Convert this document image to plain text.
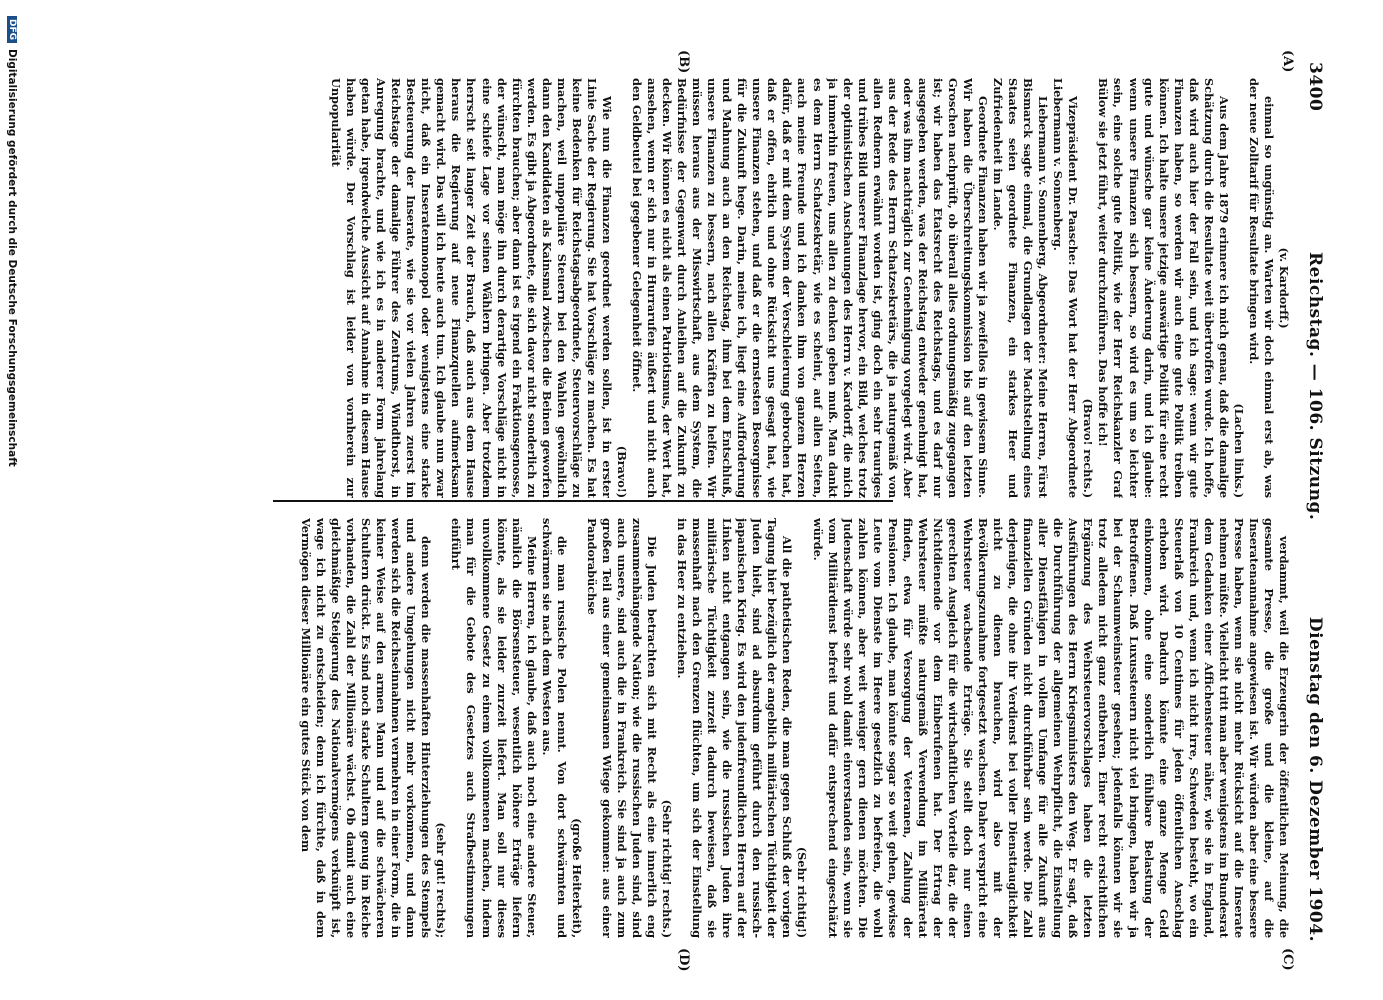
3400
Reichstag. — 106. Sitzung.
Dienstag den 6. Dezember 1904.
(A)
(B)
(C)
(D)

(v. Kardorff.)

einmal so ungünstig an. Warten wir doch einmal erst ab, was der neue Zolltarif für Resultate bringen wird.

(Lachen links.)

Aus dem Jahre 1879 erinnere ich mich genau, daß die damalige Schätzung durch die Resultate weit übertroffen wurde. Ich hoffe, daß wird auch hier der Fall sein, und ich sage: wenn wir gute Finanzen haben, so werden wir auch eine gute Politik treiben können. Ich halte unsere jetzige auswärtige Politik für eine recht gute und wünsche gar keine Änderung darin, und ich glaube: wenn unsere Finanzen sich bessern, so wird es um so leichter sein, eine solche gute Politik, wie der Herr Reichskanzler Graf Bülow sie jetzt führt, weiter durchzuführen. Das hoffe ich!

(Bravo! rechts.)

Vizepräsident Dr. Paasche: Das Wort hat der Herr Abgeordnete Liebermann v. Sonnenberg.

Liebermann v. Sonnenberg, Abgeordneter: Meine Herren, Fürst Bismarck sagte einmal, die Grundlagen der Machtstellung eines Staates seien geordnete Finanzen, ein starkes Heer und Zufriedenheit im Lande.

Geordnete Finanzen haben wir ja zweifellos in gewissem Sinne. Wir haben die Überschreitungskommission bis auf den letzten Groschen nachprüft, ob überall alles ordnungsmäßig zugegangen ist; wir haben das Etatsrecht des Reichstags, und es darf nur ausgegeben werden, was der Reichstag entweder genehmigt hat, oder was ihm nachträglich zur Genehmigung vorgelegt wird. Aber aus der Rede des Herrn Schatzsekretärs, die ja naturgemäß von allen Rednern erwähnt worden ist, ging doch ein sehr trauriges und trübes Bild unserer Finanzlage hervor, ein Bild, welches trotz der optimistischen Anschauungen des Herrn v. Kardorff, die mich ja immerhin freuen, uns allen zu denken geben muß. Man dankt es dem Herrn Schatzsekretär, wie es scheint, auf allen Seiten, auch meine Freunde und ich danken ihm von ganzem Herzen dafür, daß er mit dem System der Verschleierung gebrochen hat, daß er offen, ehrlich und ohne Rücksicht uns gesagt hat, wie unsere Finanzen stehen, und daß er die ernstesten Besorgnisse für die Zukunft hege. Darin, meine ich, liegt eine Aufforderung und Mahnung auch an den Reichstag, ihm bei dem Entschluß, unsere Finanzen zu bessern, nach allen Kräften zu helfen. Wir müssen heraus aus der Misswirtschaft, aus dem System, die Bedürfnisse der Gegenwart durch Anleihen auf die Zukunft zu decken. Wir können es nicht als einen Patriotismus, der Wert hat, ansehen, wenn er sich nur in Hurrarufen äußert und nicht auch den Geldbeutel bei gegebener Gelegenheit öffnet.

(Bravo!)

Wie nun die Finanzen geordnet werden sollen, ist in erster Linie Sache der Regierung. Sie hat Vorschläge zu machen. Es hat keine Bedenken für Reichstagsabgeordnete, Steuervorschläge zu machen, weil unpopuläre Steuern bei den Wahlen gewöhnlich dann den Kandidaten als Kainsmal zwischen die Beinen geworfen werden. Es gibt ja Abgeordnete, die sich davor nicht sonderlich zu fürchten brauchen; aber dann ist es irgend ein Fraktionsgenosse, der wünscht, man möge ihn durch derartige Vorschläge nicht in eine schiefe Lage vor seinen Wählern bringen. Aber trotzdem herrscht seit langer Zeit der Brauch, daß auch aus dem Hause heraus die Regierung auf neue Finanzquellen aufmerksam gemacht wird. Das will ich heute auch tun. Ich glaube nun zwar nicht, daß ein Inseratenmonopol oder wenigstens eine starke Besteuerung der Inserate, wie sie vor vielen Jahren zuerst im Reichstage der damalige Führer des Zentrums, Windthorst, in Anregung brachte, und wie ich es in anderer Form jahrelang getan habe, irgendwelche Aussicht auf Annahme in diesem Hause haben würde. Der Vorschlag ist leider von vornherein zur Unpopularität

verdammt, weil die Erzeugerin der öffentlichen Meinung, die gesamte Presse, die große und die kleine, auf die Inseratenannahme angewiesen ist. Wir würden aber eine bessere Presse haben, wenn sie nicht mehr Rücksicht auf die Inserate nehmen müßte. Vielleicht tritt man aber wenigstens im Bundesrat dem Gedanken einer Affichensteuer näher, wie sie in England, Frankreich und, wenn ich nicht irre, Schweden besteht, wo ein Steuerlaß von 10 Centimes für jeden öffentlichen Anschlag erhoben wird. Dadurch könnte eine ganze Menge Geld einkommen, ohne eine sonderlich fühlbare Belastung der Betroffenen. Daß Luxussteuern nicht viel bringen, haben wir ja bei der Schaumweinsteuer gesehen; jedenfalls können wir sie trotz alledem nicht ganz entbehren. Einer recht ersichtlichen Ergänzung des Wehrsteuervorschlages haben die letzten Ausführungen des Herrn Kriegsministers den Weg. Er sagt, daß die Durchführung der allgemeinen Wehrpflicht, die Einstellung aller Dienstfähigen in vollem Umfange für alle Zukunft aus finanziellen Gründen nicht durchführbar sein werde. Die Zahl derjenigen, die ohne ihr Verdienst bei voller Diensttauglichkeit nicht zu dienen brauchen, wird also mit der Bevölkerungszunahme fortgesetzt wachsen. Daher verspricht eine Wehrsteuer wachsende Erträge. Sie stellt doch nur einen gerechten Ausgleich für die wirtschaftlichen Vorteile dar, die der Nichtdienende vor dem Einberufenen hat. Der Ertrag der Wehrsteuer müßte naturgemäß Verwendung im Militäretat finden, etwa für Versorgung der Veteranen, Zahlung der Pensionen. Ich glaube, man könnte sogar so weit gehen, gewisse Leute vom Dienste im Heere gesetzlich zu befreien, die wohl zahlen können, aber weit weniger gern dienen möchten. Die Judenschaft würde sehr wohl damit einverstanden sein, wenn sie vom Militärdienst befreit und dafür entsprechend eingeschätzt würde.

(Sehr richtig!)

All die pathetischen Reden, die man gegen Schluß der vorigen Tagung hier bezüglich der angeblich militärischen Tüchtigkeit der Juden hielt, sind ad absurdum geführt durch den russisch-japanischen Krieg. Es wird den judenfreundlichen Herren auf der Linken nicht entgangen sein, wie die russischen Juden ihre militärische Tüchtigkeit zurzeit dadurch beweisen, daß sie massenhaft nach den Grenzen flüchten, um sich der Einstellung in das Heer zu entziehen.

(Sehr richtig! rechts.)

Die Juden betrachten sich mit Recht als eine innerlich eng zusammenhängende Nation; wie die russischen Juden sind, sind auch unsere, sind auch die in Frankreich. Sie sind ja auch zum großen Teil aus einer gemeinsamen Wiege gekommen: aus einer Pandorabüchse

(große Heiterkeit),

die man russische Polen nennt. Von dort schwärmten und schwärmen sie nach dem Westen aus.

Meine Herren, ich glaube, daß auch noch eine andere Steuer, nämlich die Börsensteuer, wesentlich höhere Erträge liefern könnte, als sie leider zurzeit liefert. Man soll nur dieses unvollkommene Gesetz zu einem vollkommenen machen, indem man für die Gebote des Gesetzes auch Strafbestimmungen einführt

(sehr gut! rechts);

denn werden die massenhaften Hinterziehungen des Stempels und andere Umgehungen nicht mehr vorkommen, und dann werden sich die Reichseinnahmen vermehren in einer Form, die in keiner Weise auf den armen Mann und auf die schwächeren Schultern drückt. Es sind noch starke Schultern genug im Reiche vorhanden, die Zahl der Millionäre wächst. Ob damit auch eine gleichmäßige Steigerung des Nationalvermögens verknüpft ist, wage ich nicht zu entscheiden; denn ich fürchte, daß in dem Vermögen dieser Millionäre ein gutes Stück von dem

DFG
Digitalisierung gefördert durch die Deutsche Forschungsgemeinschaft
